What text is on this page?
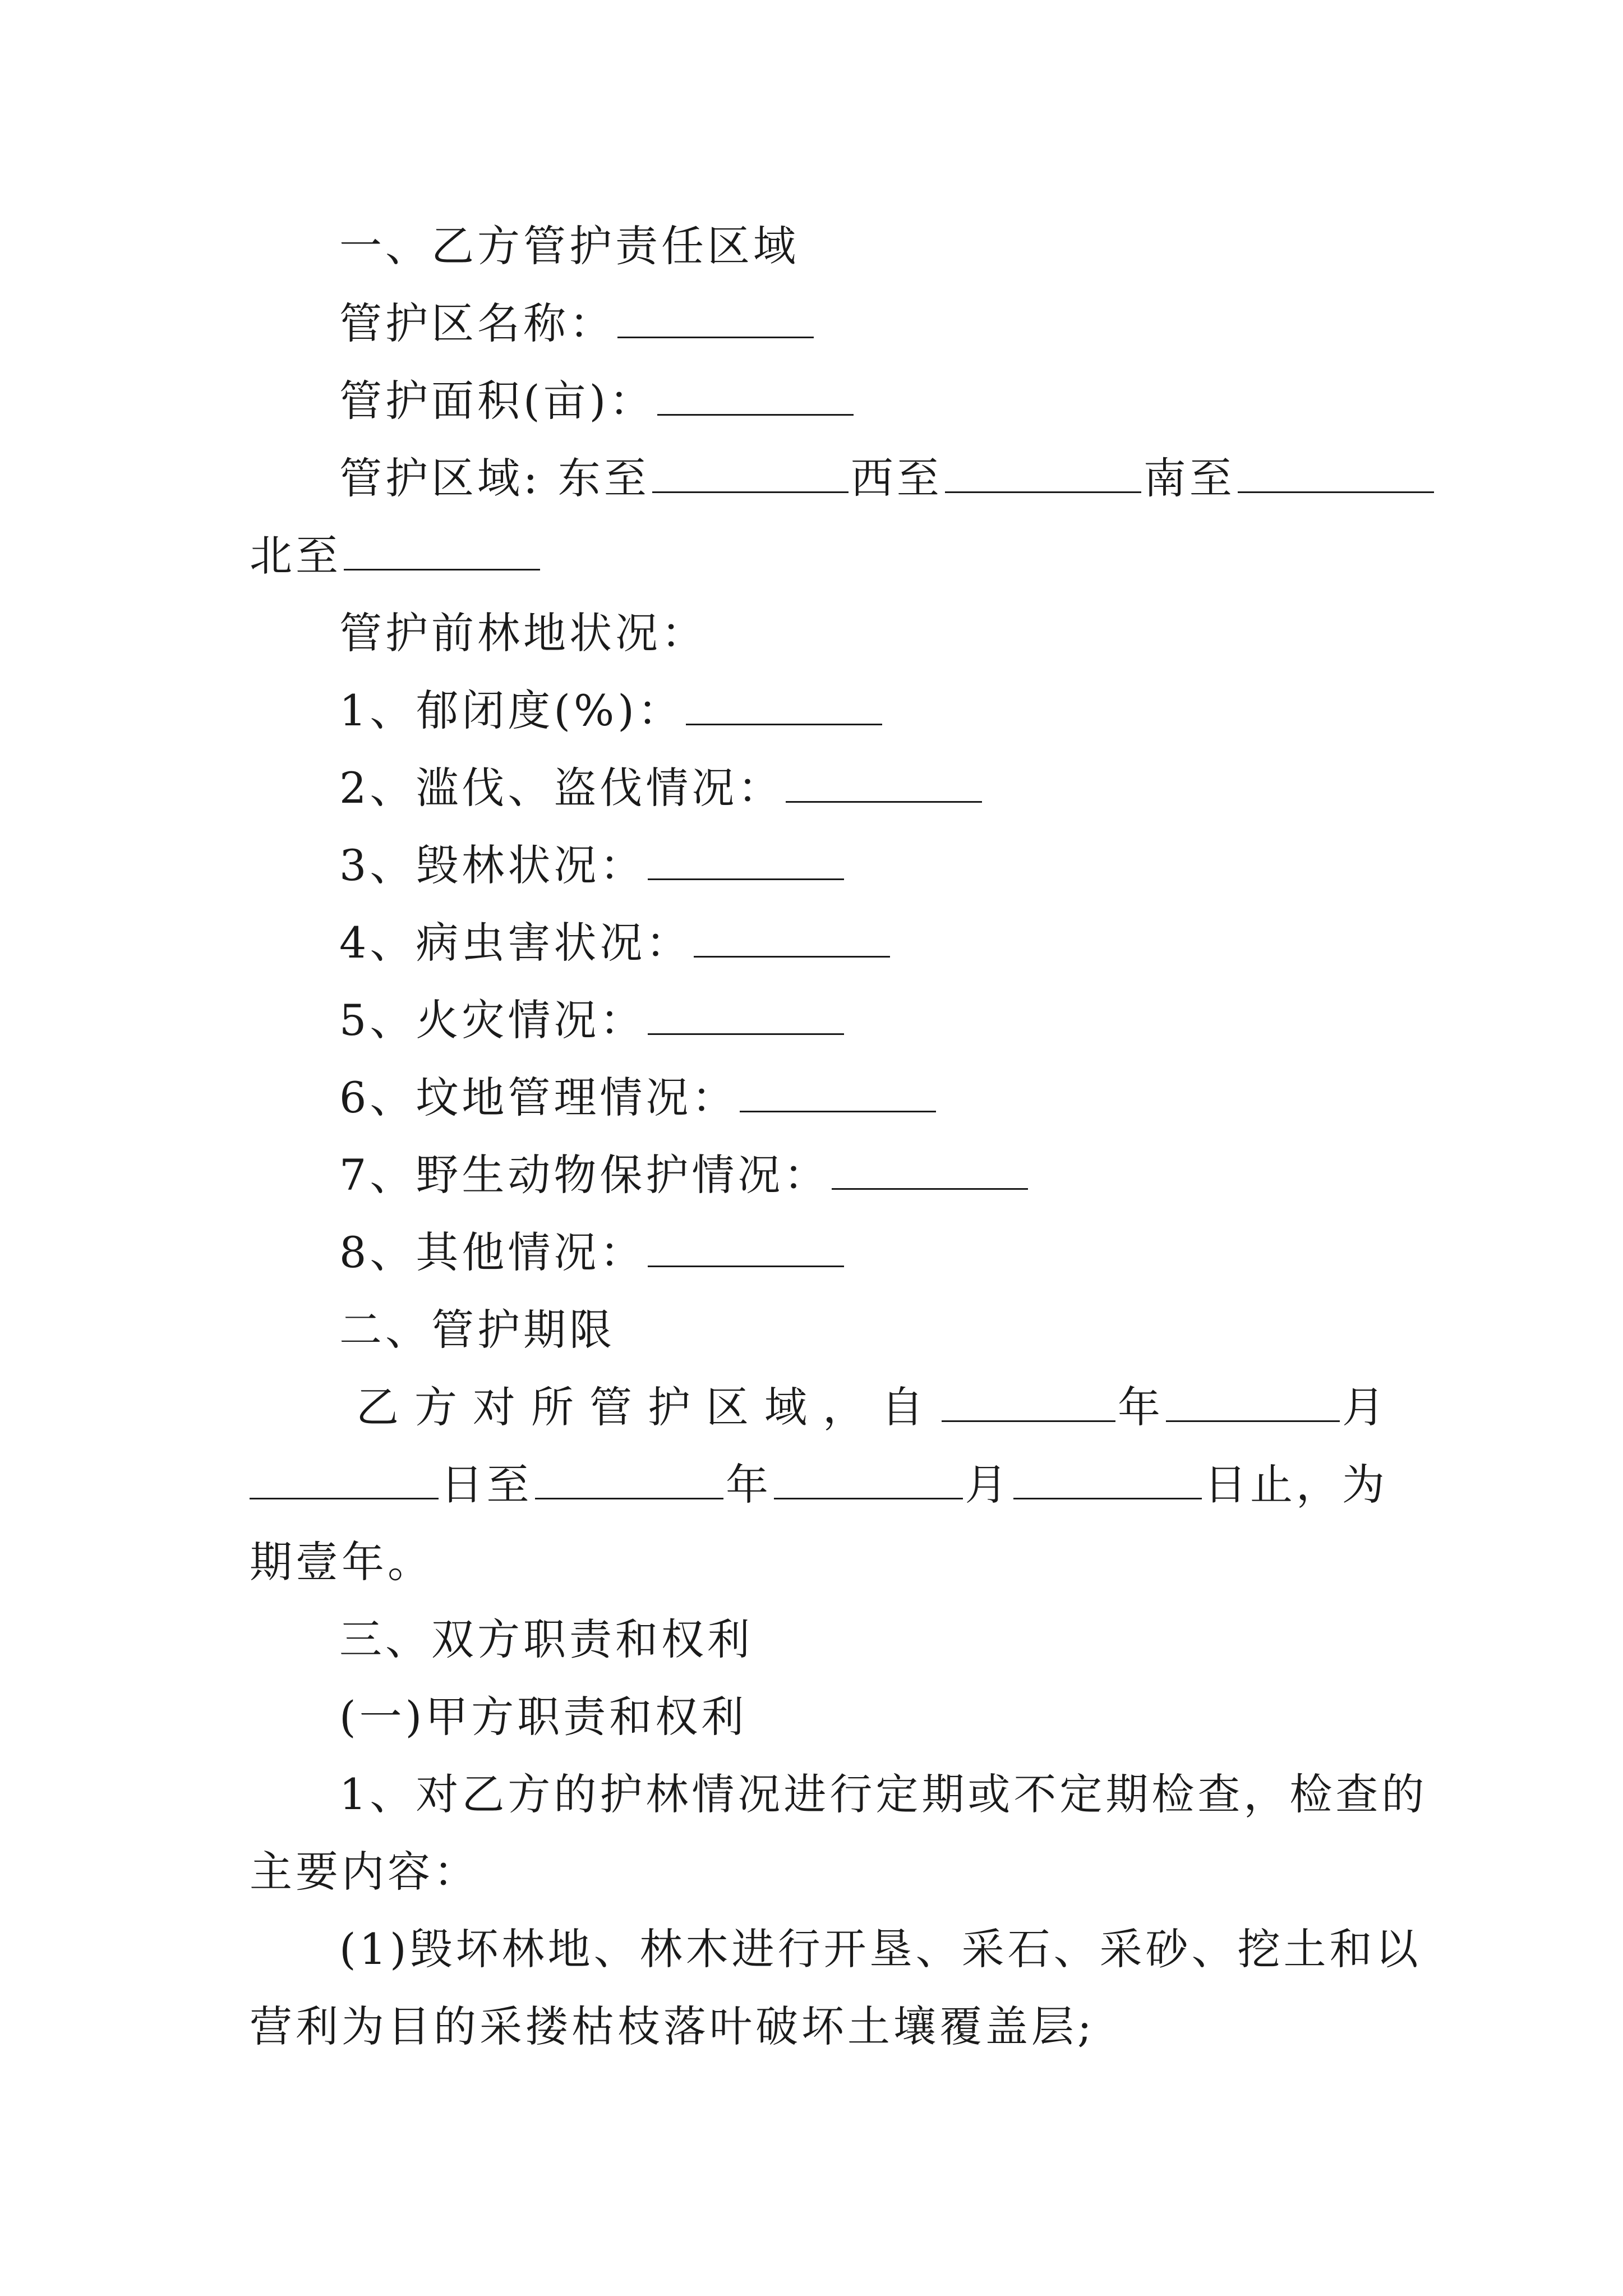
一、乙方管护责任区域
管护区名称：
管护面积(亩)：
管护区域: 东至	西至	南至
北至
管护前林地状况：
1、郁闭度(%)：
2、滥伐、盗伐情况：
3、毁林状况：
4、病虫害状况：
5、火灾情况：
6、坟地管理情况：
7、野生动物保护情况：
8、其他情况：
二、管护期限
乙方对所管护区域，自	年	月
日至	年	月	日止，为
期壹年。
三、双方职责和权利
(一)甲方职责和权利
1、对乙方的护林情况进行定期或不定期检查，检查的
主要内容：
(1)毁坏林地、林木进行开垦、采石、采砂、挖土和以
营利为目的采搂枯枝落叶破坏土壤覆盖层;
